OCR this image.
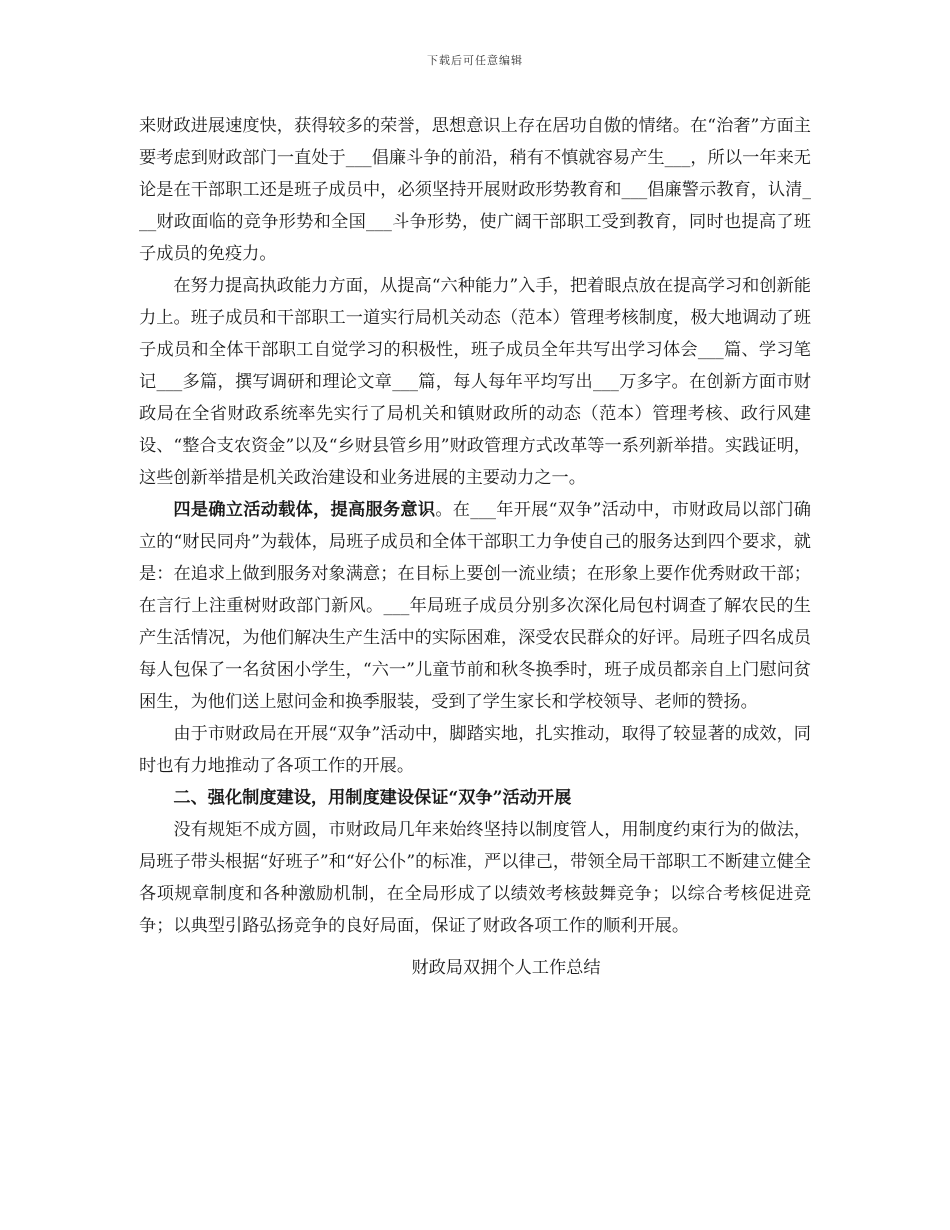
下载后可任意编辑

来财政进展速度快，获得较多的荣誉，思想意识上存在居功自傲的情绪。在“治奢”方面主要考虑到财政部门一直处于___倡廉斗争的前沿，稍有不慎就容易产生___，所以一年来无论是在干部职工还是班子成员中，必须坚持开展财政形势教育和___倡廉警示教育，认清___财政面临的竞争形势和全国___斗争形势，使广阔干部职工受到教育，同时也提高了班子成员的免疫力。

在努力提高执政能力方面，从提高“六种能力”入手，把着眼点放在提高学习和创新能力上。班子成员和干部职工一道实行局机关动态（范本）管理考核制度，极大地调动了班子成员和全体干部职工自觉学习的积极性，班子成员全年共写出学习体会___篇、学习笔记___多篇，撰写调研和理论文章___篇，每人每年平均写出___万多字。在创新方面市财政局在全省财政系统率先实行了局机关和镇财政所的动态（范本）管理考核、政行风建设、“整合支农资金”以及“乡财县管乡用”财政管理方式改革等一系列新举措。实践证明，这些创新举措是机关政治建设和业务进展的主要动力之一。

四是确立活动载体，提高服务意识。在___年开展“双争”活动中，市财政局以部门确立的“财民同舟”为载体，局班子成员和全体干部职工力争使自己的服务达到四个要求，就是：在追求上做到服务对象满意；在目标上要创一流业绩；在形象上要作优秀财政干部；在言行上注重树财政部门新风。___年局班子成员分别多次深化局包村调查了解农民的生产生活情况，为他们解决生产生活中的实际困难，深受农民群众的好评。局班子四名成员每人包保了一名贫困小学生，“六一”儿童节前和秋冬换季时，班子成员都亲自上门慰问贫困生，为他们送上慰问金和换季服装，受到了学生家长和学校领导、老师的赞扬。

由于市财政局在开展“双争”活动中，脚踏实地，扎实推动，取得了较显著的成效，同时也有力地推动了各项工作的开展。

二、强化制度建设，用制度建设保证“双争”活动开展

没有规矩不成方圆，市财政局几年来始终坚持以制度管人，用制度约束行为的做法，局班子带头根据“好班子”和“好公仆”的标准，严以律己，带领全局干部职工不断建立健全各项规章制度和各种激励机制，在全局形成了以绩效考核鼓舞竞争；以综合考核促进竞争；以典型引路弘扬竞争的良好局面，保证了财政各项工作的顺利开展。

财政局双拥个人工作总结
